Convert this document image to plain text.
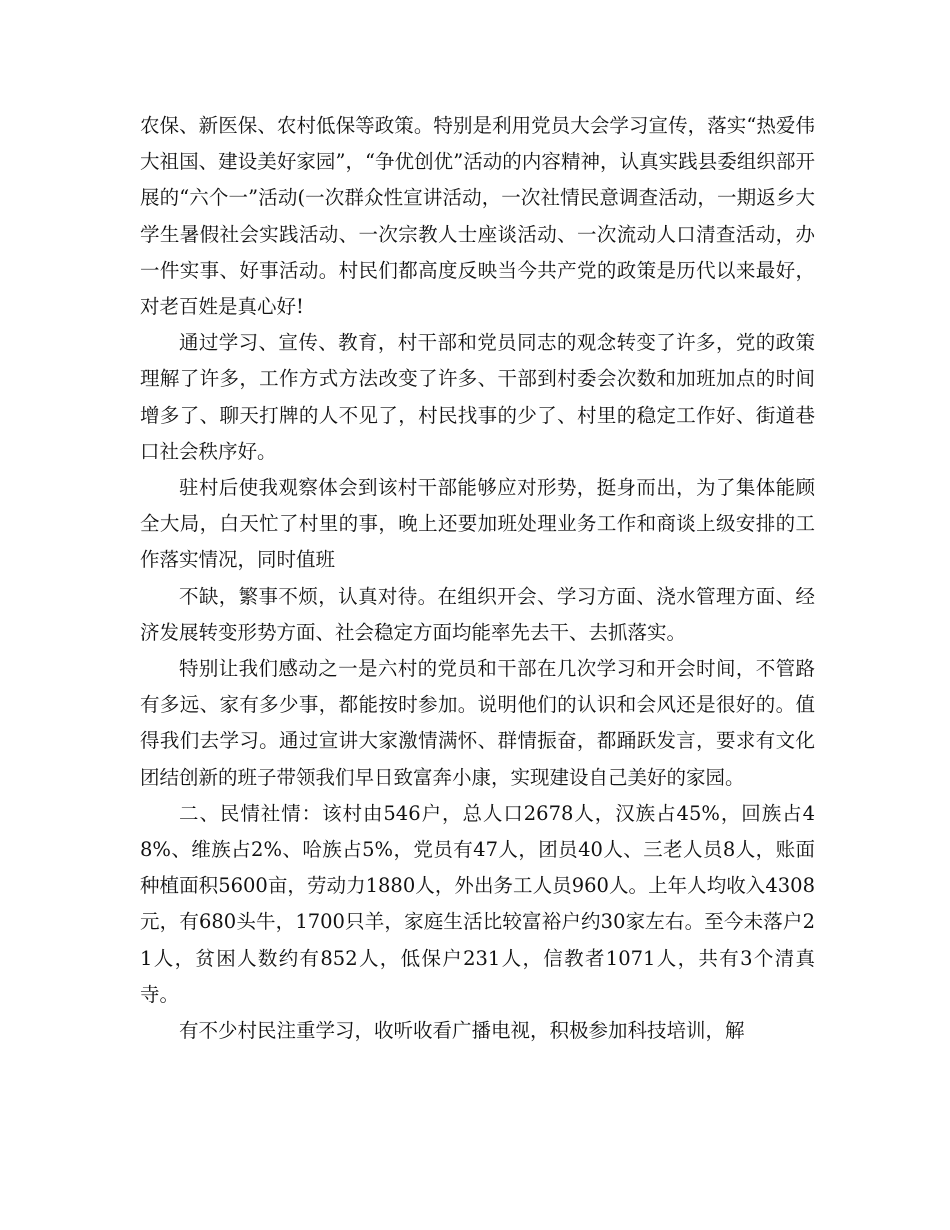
农保、新医保、农村低保等政策。特别是利用党员大会学习宣传，落实“热爱伟大祖国、建设美好家园”，“争优创优”活动的内容精神，认真实践县委组织部开展的“六个一”活动(一次群众性宣讲活动，一次社情民意调查活动，一期返乡大学生暑假社会实践活动、一次宗教人士座谈活动、一次流动人口清查活动，办一件实事、好事活动。村民们都高度反映当今共产党的政策是历代以来最好，对老百姓是真心好!

通过学习、宣传、教育，村干部和党员同志的观念转变了许多，党的政策理解了许多，工作方式方法改变了许多、干部到村委会次数和加班加点的时间增多了、聊天打牌的人不见了，村民找事的少了、村里的稳定工作好、街道巷口社会秩序好。

驻村后使我观察体会到该村干部能够应对形势，挺身而出，为了集体能顾全大局，白天忙了村里的事，晚上还要加班处理业务工作和商谈上级安排的工作落实情况，同时值班

不缺，繁事不烦，认真对待。在组织开会、学习方面、浇水管理方面、经济发展转变形势方面、社会稳定方面均能率先去干、去抓落实。

特别让我们感动之一是六村的党员和干部在几次学习和开会时间，不管路有多远、家有多少事，都能按时参加。说明他们的认识和会风还是很好的。值得我们去学习。通过宣讲大家激情满怀、群情振奋，都踊跃发言，要求有文化团结创新的班子带领我们早日致富奔小康，实现建设自己美好的家园。

二、民情社情：该村由546户，总人口2678人，汉族占45%，回族占48%、维族占2%、哈族占5%，党员有47人，团员40人、三老人员8人，账面种植面积5600亩，劳动力1880人，外出务工人员960人。上年人均收入4308元，有680头牛，1700只羊，家庭生活比较富裕户约30家左右。至今未落户21人，贫困人数约有852人，低保户231人，信教者1071人，共有3个清真寺。

有不少村民注重学习，收听收看广播电视，积极参加科技培训，解
